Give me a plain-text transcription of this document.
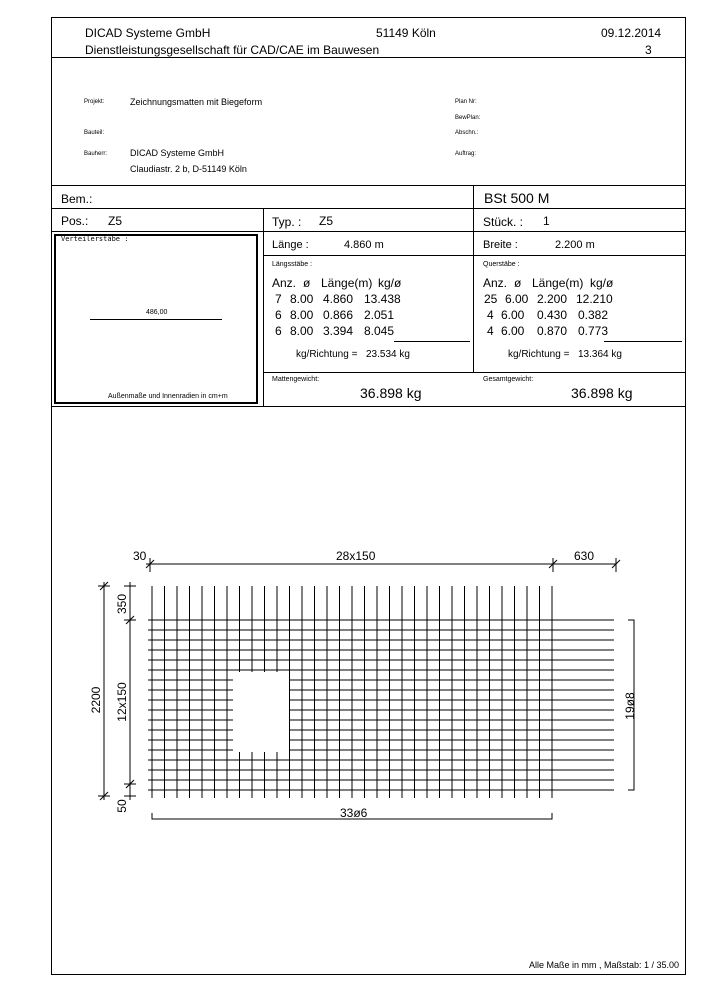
DICAD Systeme GmbH	51149 Köln	09.12.2014
Dienstleistungsgesellschaft für CAD/CAE im Bauwesen	3
Projekt:	Zeichnungsmatten mit Biegeform
Bauteil:
Bauherr:	DICAD Systeme GmbH
Claudiastr. 2 b, D-51149 Köln
Plan Nr:
BewPlan:
Abschn.:
Auftrag:
Bem.:	BSt 500 M
Pos.: Z5	Typ. : Z5	Stück. : 1
Verteilerstäbe :
486,00
Außenmaße und Innenradien in cm+m
Länge :	4.860 m	Breite :	2.200 m
Längsstäbe :
Anz. ø Länge(m) kg/ø
7 8.00 4.860 13.438
6 8.00 0.866 2.051
6 8.00 3.394 8.045
kg/Richtung = 23.534 kg
Querstäbe :
Anz. ø Länge(m) kg/ø
25 6.00 2.200 12.210
4 6.00 0.430 0.382
4 6.00 0.870 0.773
kg/Richtung = 13.364 kg
Mattengewicht:
36.898 kg
Gesamtgewicht:
36.898 kg
30	28x150	630
2200
350
12x150
50
19ø8
33ø6
Alle Maße in mm , Maßstab: 1 / 35.00
